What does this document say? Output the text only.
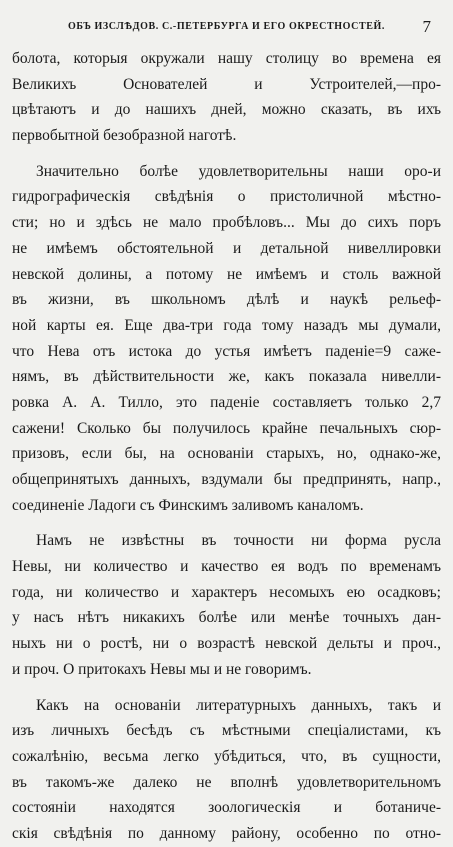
ОБЪ ИЗСЛѢДОВ. С.-ПЕТЕРБУРГА И ЕГО ОКРЕСТНОСТЕЙ. 7
болота, которыя окружали нашу столицу во времена ея
Великихъ Основателей и Устроителей,—про-
цвѣтаютъ и до нашихъ дней, можно сказать, въ ихъ
первобытной безобразной наготѣ.
Значительно болѣе удовлетворительны наши оро-и
гидрографическія свѣдѣнія о пристоличной мѣстно-
сти; но и здѣсь не мало пробѣловъ... Мы до сихъ поръ
не имѣемъ обстоятельной и детальной нивеллировки
невской долины, а потому не имѣемъ и столь важной
въ жизни, въ школьномъ дѣлѣ и наукѣ рельеф-
ной карты ея. Еще два-три года тому назадъ мы думали,
что Нева отъ истока до устья имѣетъ паденіе=9 саже-
нямъ, въ дѣйствительности же, какъ показала нивелли-
ровка А. А. Тилло, это паденіе составляетъ только 2,7
сажени! Сколько бы получилось крайне печальныхъ сюр-
призовъ, если бы, на основаніи старыхъ, но, однако-же,
общепринятыхъ данныхъ, вздумали бы предпринять, напр.,
соединеніе Ладоги съ Финскимъ заливомъ каналомъ.
Намъ не извѣстны въ точности ни форма русла
Невы, ни количество и качество ея водъ по временамъ
года, ни количество и характеръ несомыхъ ею осадковъ;
у насъ нѣтъ никакихъ болѣе или менѣе точныхъ дан-
ныхъ ни о ростѣ, ни о возрастѣ невской дельты и проч.,
и проч. О притокахъ Невы мы и не говоримъ.
Какъ на основаніи литературныхъ данныхъ, такъ и
изъ личныхъ бесѣдъ съ мѣстными спеціалистами, къ
сожалѣнію, весьма легко убѣдиться, что, въ сущности,
въ такомъ-же далеко не вполнѣ удовлетворительномъ
состояніи находятся зоологическія и ботаниче-
скія свѣдѣнія по данному району, особенно по отно-
